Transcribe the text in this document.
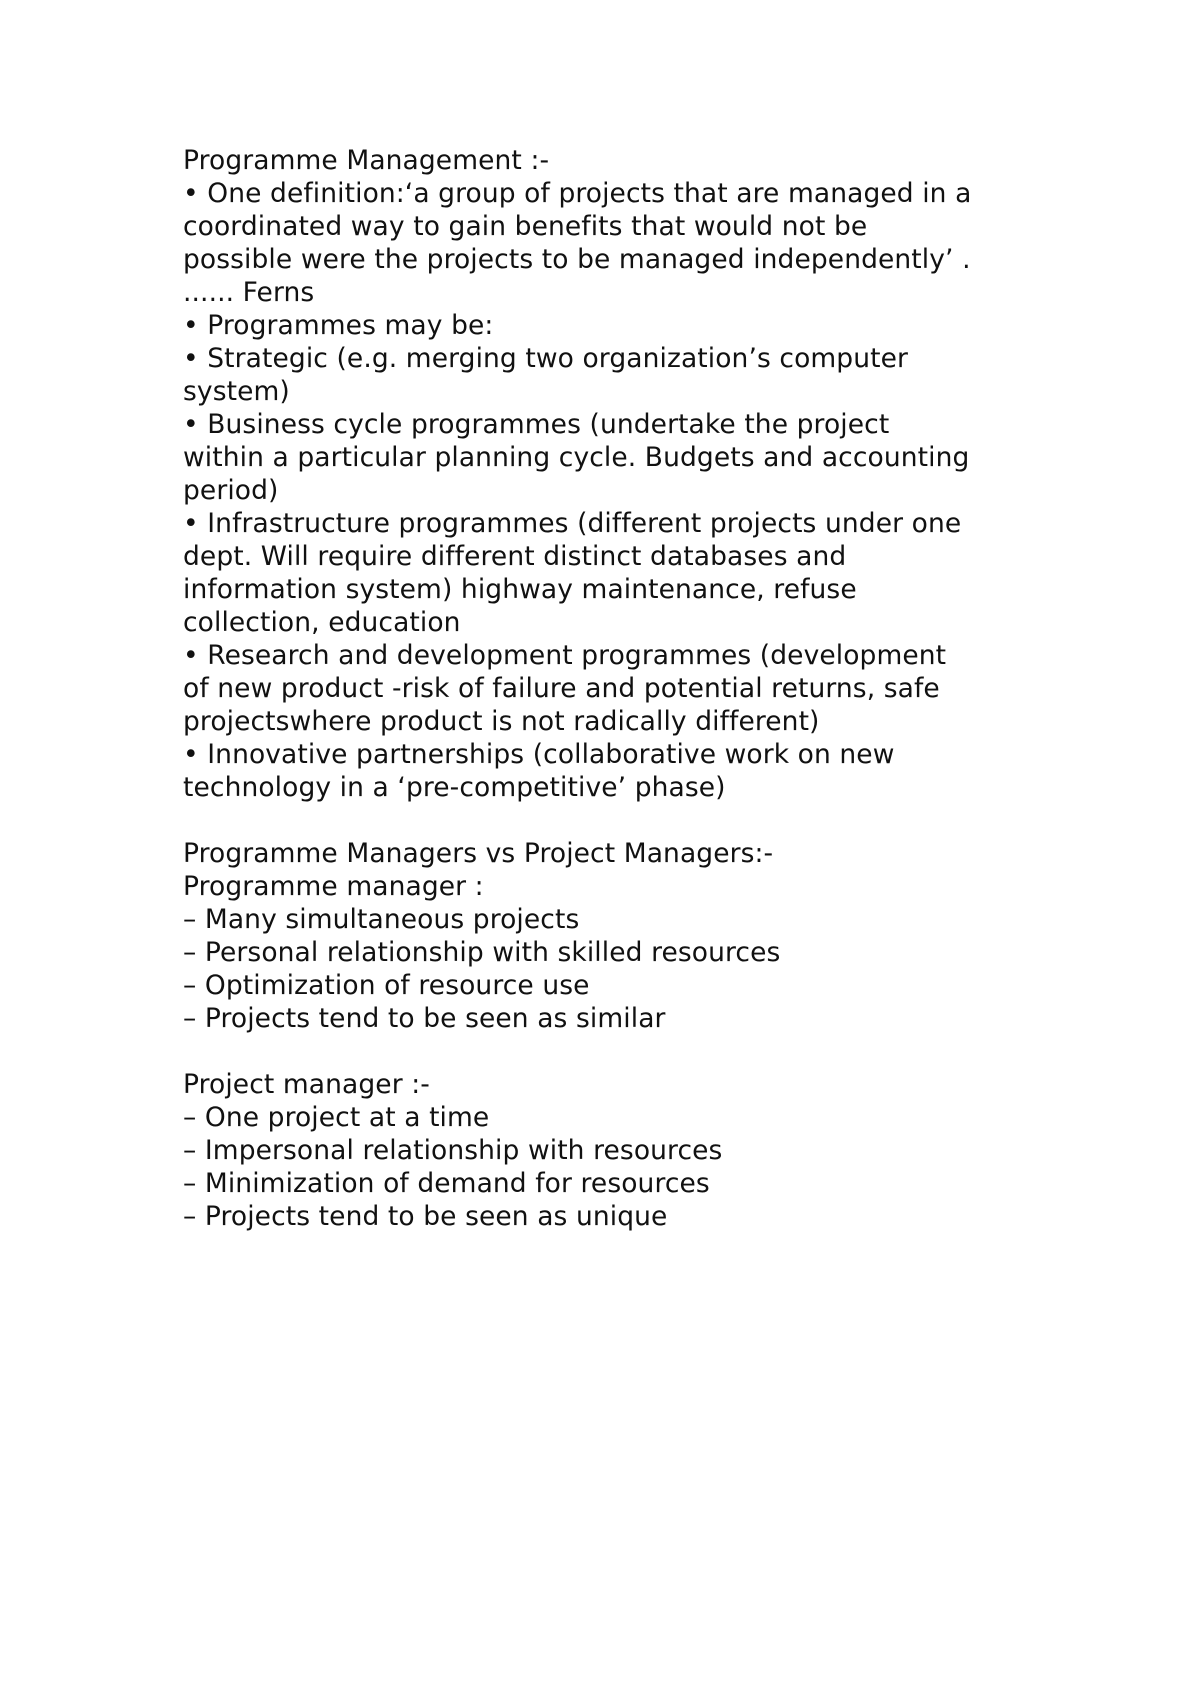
Programme Management :-
• One definition:‘a group of projects that are managed in a
coordinated way to gain benefits that would not be
possible were the projects to be managed independently’ .
...... Ferns
• Programmes may be:
• Strategic (e.g. merging two organization’s computer
system)
• Business cycle programmes (undertake the project
within a particular planning cycle. Budgets and accounting
period)
• Infrastructure programmes (different projects under one
dept. Will require different distinct databases and
information system) highway maintenance, refuse
collection, education
• Research and development programmes (development
of new product -risk of failure and potential returns, safe
projectswhere product is not radically different)
• Innovative partnerships (collaborative work on new
technology in a ‘pre-competitive’ phase)
Programme Managers vs Project Managers:-
Programme manager :
– Many simultaneous projects
– Personal relationship with skilled resources
– Optimization of resource use
– Projects tend to be seen as similar
Project manager :-
– One project at a time
– Impersonal relationship with resources
– Minimization of demand for resources
– Projects tend to be seen as unique
